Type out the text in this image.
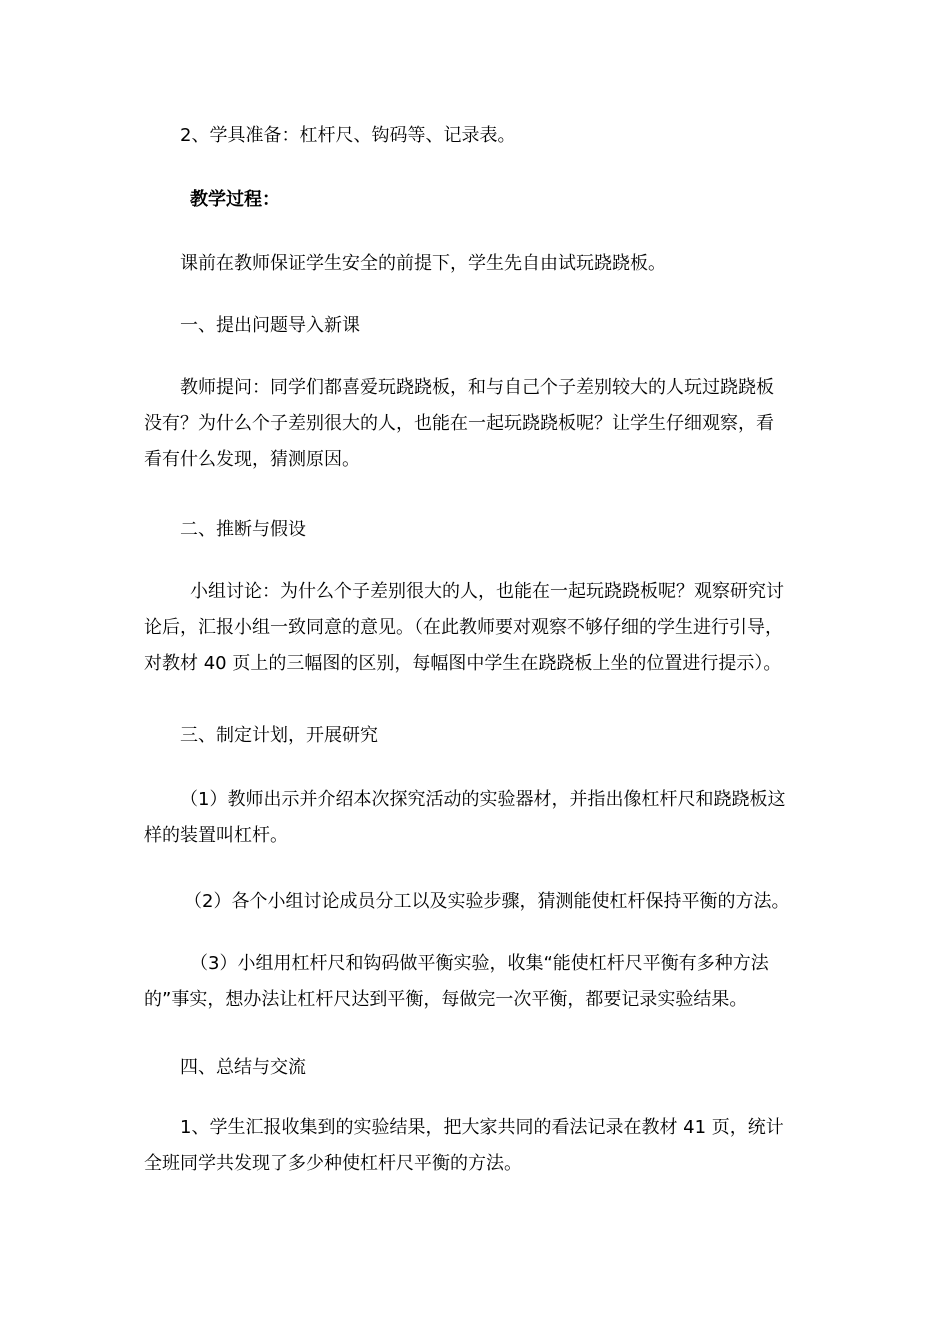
2、学具准备：杠杆尺、钩码等、记录表。
教学过程：
课前在教师保证学生安全的前提下，学生先自由试玩跷跷板。
一、提出问题导入新课
教师提问：同学们都喜爱玩跷跷板，和与自己个子差别较大的人玩过跷跷板
没有？为什么个子差别很大的人，也能在一起玩跷跷板呢？让学生仔细观察，看
看有什么发现，猜测原因。
二、推断与假设
小组讨论：为什么个子差别很大的人，也能在一起玩跷跷板呢？观察研究讨
论后，汇报小组一致同意的意见。（在此教师要对观察不够仔细的学生进行引导，
对教材 40 页上的三幅图的区别，每幅图中学生在跷跷板上坐的位置进行提示）。
三、制定计划，开展研究
（1）教师出示并介绍本次探究活动的实验器材，并指出像杠杆尺和跷跷板这
样的装置叫杠杆。
（2）各个小组讨论成员分工以及实验步骤，猜测能使杠杆保持平衡的方法。
（3）小组用杠杆尺和钩码做平衡实验，收集“能使杠杆尺平衡有多种方法
的”事实，想办法让杠杆尺达到平衡，每做完一次平衡，都要记录实验结果。
四、总结与交流
1、学生汇报收集到的实验结果，把大家共同的看法记录在教材 41 页，统计
全班同学共发现了多少种使杠杆尺平衡的方法。
